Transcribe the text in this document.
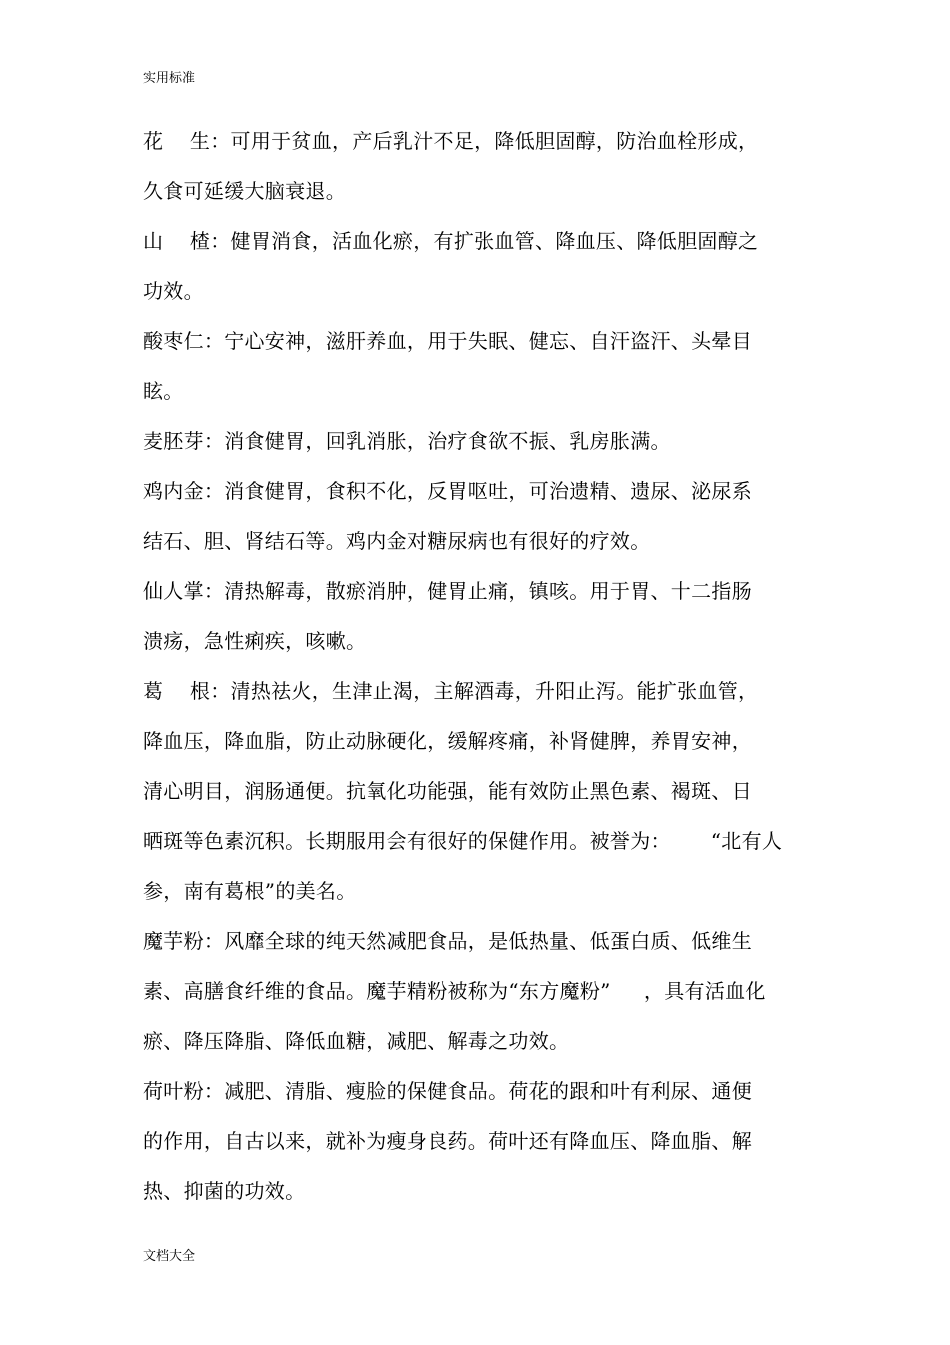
实用标准
花    生：可用于贫血，产后乳汁不足，降低胆固醇，防治血栓形成，
久食可延缓大脑衰退。
山    楂：健胃消食，活血化瘀，有扩张血管、降血压、降低胆固醇之
功效。
酸枣仁：宁心安神，滋肝养血，用于失眠、健忘、自汗盗汗、头晕目
眩。
麦胚芽：消食健胃，回乳消胀，治疗食欲不振、乳房胀满。
鸡内金：消食健胃，食积不化，反胃呕吐，可治遗精、遗尿、泌尿系
结石、胆、肾结石等。鸡内金对糖尿病也有很好的疗效。
仙人掌：清热解毒，散瘀消肿，健胃止痛，镇咳。用于胃、十二指肠
溃疡，急性痢疾，咳嗽。
葛    根：清热祛火，生津止渴，主解酒毒，升阳止泻。能扩张血管，
降血压，降血脂，防止动脉硬化，缓解疼痛，补肾健脾，养胃安神，
清心明目，润肠通便。抗氧化功能强，能有效防止黑色素、褐斑、日
晒斑等色素沉积。长期服用会有很好的保健作用。被誉为：      “北有人
参，南有葛根”的美名。
魔芋粉：风靡全球的纯天然减肥食品，是低热量、低蛋白质、低维生
素、高膳食纤维的食品。魔芋精粉被称为“东方魔粉”     ，具有活血化
瘀、降压降脂、降低血糖，减肥、解毒之功效。
荷叶粉：减肥、清脂、瘦脸的保健食品。荷花的跟和叶有利尿、通便
的作用，自古以来，就补为瘦身良药。荷叶还有降血压、降血脂、解
热、抑菌的功效。
文档大全
